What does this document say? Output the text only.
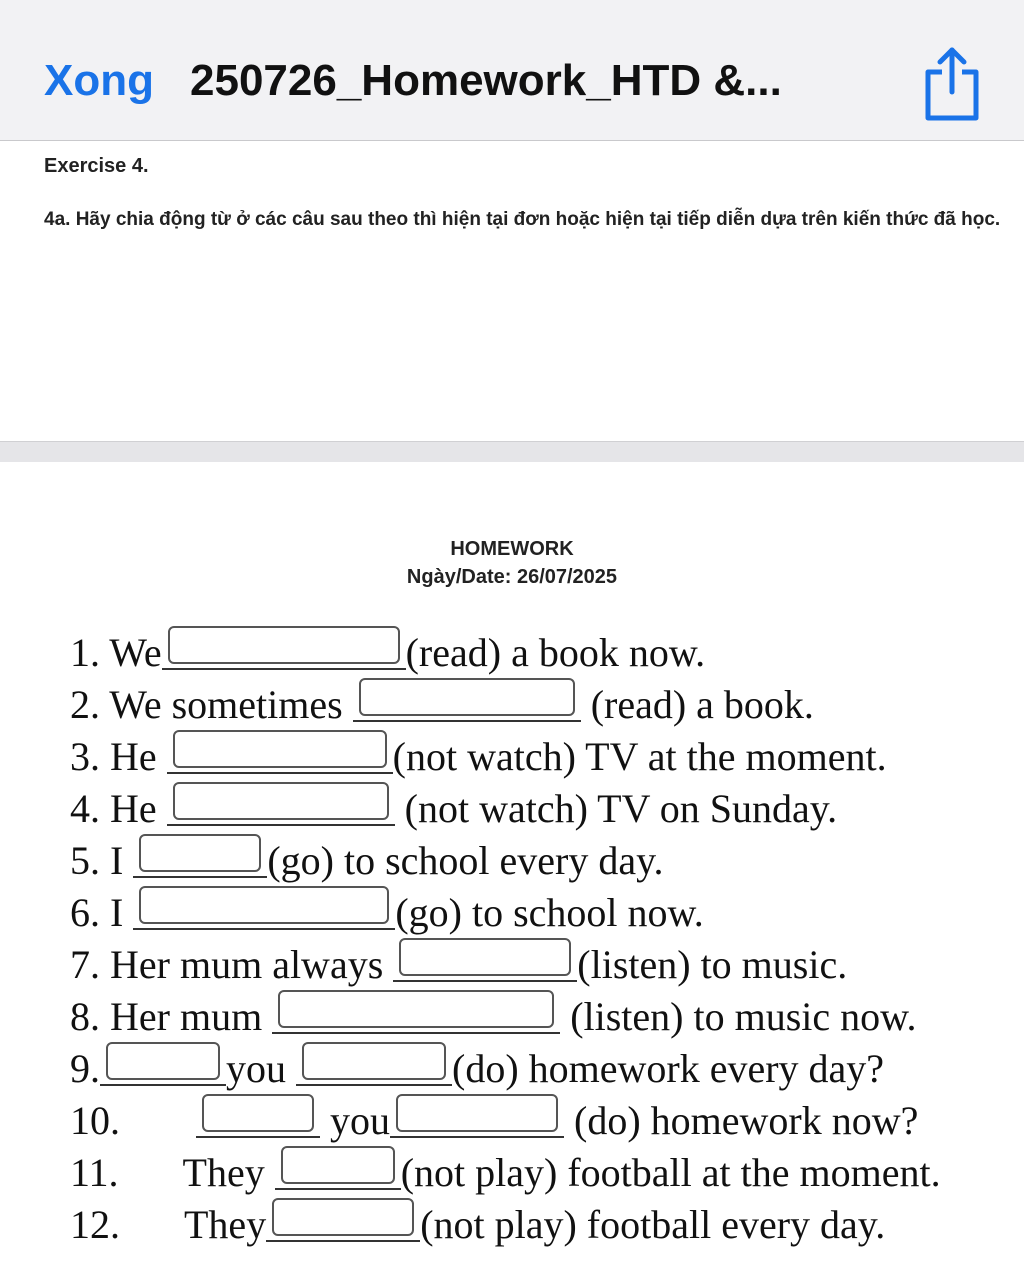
Xong 250726_Homework_HTD &...
Exercise 4.
4a. Hãy chia động từ ở các câu sau theo thì hiện tại đơn hoặc hiện tại tiếp diễn dựa trên kiến thức đã học.
HOMEWORK
Ngày/Date: 26/07/2025
1. We	(read) a book now.
2. We sometimes	(read) a book.
3. He	(not watch) TV at the moment.
4. He	(not watch) TV on Sunday.
5. I	(go) to school every day.
6. I	(go) to school now.
7. Her mum always	(listen) to music.
8. Her mum	(listen) to music now.
9.	you	(do) homework every day?
10.	you	(do) homework now?
11. They	(not play) football at the moment.
12. They	(not play) football every day.
